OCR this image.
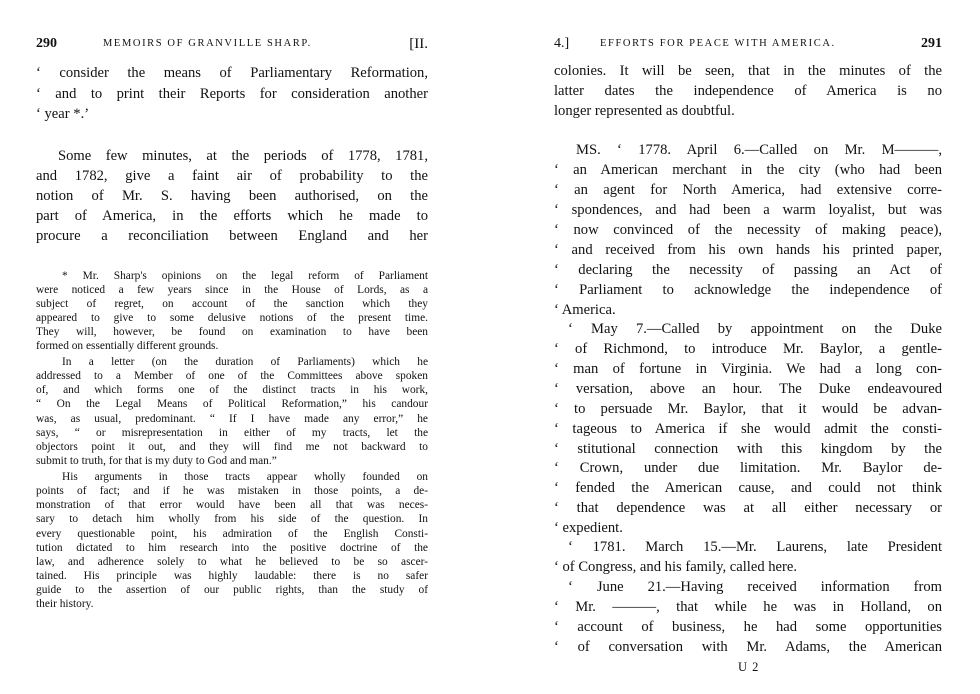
290	MEMOIRS OF GRANVILLE SHARP.	[II.
‘ consider the means of Parliamentary Reformation,
‘ and to print their Reports for consideration another
‘ year *.’
Some few minutes, at the periods of 1778, 1781,
and 1782, give a faint air of probability to the
notion of Mr. S. having been authorised, on the
part of America, in the efforts which he made to
procure a reconciliation between England and her
* Mr. Sharp's opinions on the legal reform of Parliament
were noticed a few years since in the House of Lords, as a
subject of regret, on account of the sanction which they
appeared to give to some delusive notions of the present time.
They will, however, be found on examination to have been
formed on essentially different grounds.
In a letter (on the duration of Parliaments) which he
addressed to a Member of one of the Committees above spoken
of, and which forms one of the distinct tracts in his work,
“ On the Legal Means of Political Reformation,” his candour
was, as usual, predominant. “ If I have made any error,” he
says, “ or misrepresentation in either of my tracts, let the
objectors point it out, and they will find me not backward to
submit to truth, for that is my duty to God and man.”
His arguments in those tracts appear wholly founded on
points of fact; and if he was mistaken in those points, a de-
monstration of that error would have been all that was neces-
sary to detach him wholly from his side of the question. In
every questionable point, his admiration of the English Consti-
tution dictated to him research into the positive doctrine of the
law, and adherence solely to what he believed to be so ascer-
tained. His principle was highly laudable: there is no safer
guide to the assertion of our public rights, than the study of
their history.
4.]	EFFORTS FOR PEACE WITH AMERICA.	291
colonies. It will be seen, that in the minutes of the
latter dates the independence of America is no
longer represented as doubtful.
MS. ‘ 1778. April 6.—Called on Mr. M———,
‘ an American merchant in the city (who had been
‘ an agent for North America, had extensive corre-
‘ spondences, and had been a warm loyalist, but was
‘ now convinced of the necessity of making peace),
‘ and received from his own hands his printed paper,
‘ declaring the necessity of passing an Act of
‘ Parliament to acknowledge the independence of
‘ America.
‘ May 7.—Called by appointment on the Duke
‘ of Richmond, to introduce Mr. Baylor, a gentle-
‘ man of fortune in Virginia. We had a long con-
‘ versation, above an hour. The Duke endeavoured
‘ to persuade Mr. Baylor, that it would be advan-
‘ tageous to America if she would admit the consti-
‘ stitutional connection with this kingdom by the
‘ Crown, under due limitation. Mr. Baylor de-
‘ fended the American cause, and could not think
‘ that dependence was at all either necessary or
‘ expedient.
‘ 1781. March 15.—Mr. Laurens, late President
‘ of Congress, and his family, called here.
‘ June 21.—Having received information from
‘ Mr. ———, that while he was in Holland, on
‘ account of business, he had some opportunities
‘ of conversation with Mr. Adams, the American
U 2
